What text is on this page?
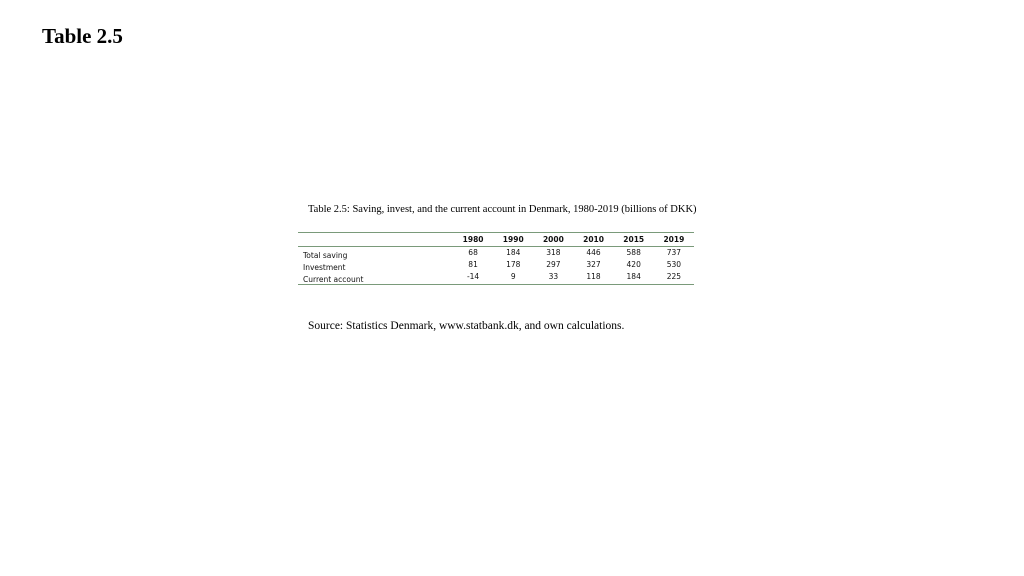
Table 2.5
Table 2.5: Saving, invest, and the current account in Denmark, 1980-2019 (billions of DKK)
	1980	1990	2000	2010	2015	2019
Total saving	68	184	318	446	588	737
Investment	81	178	297	327	420	530
Current account	-14	9	33	118	184	225
Source: Statistics Denmark, www.statbank.dk, and own calculations.
